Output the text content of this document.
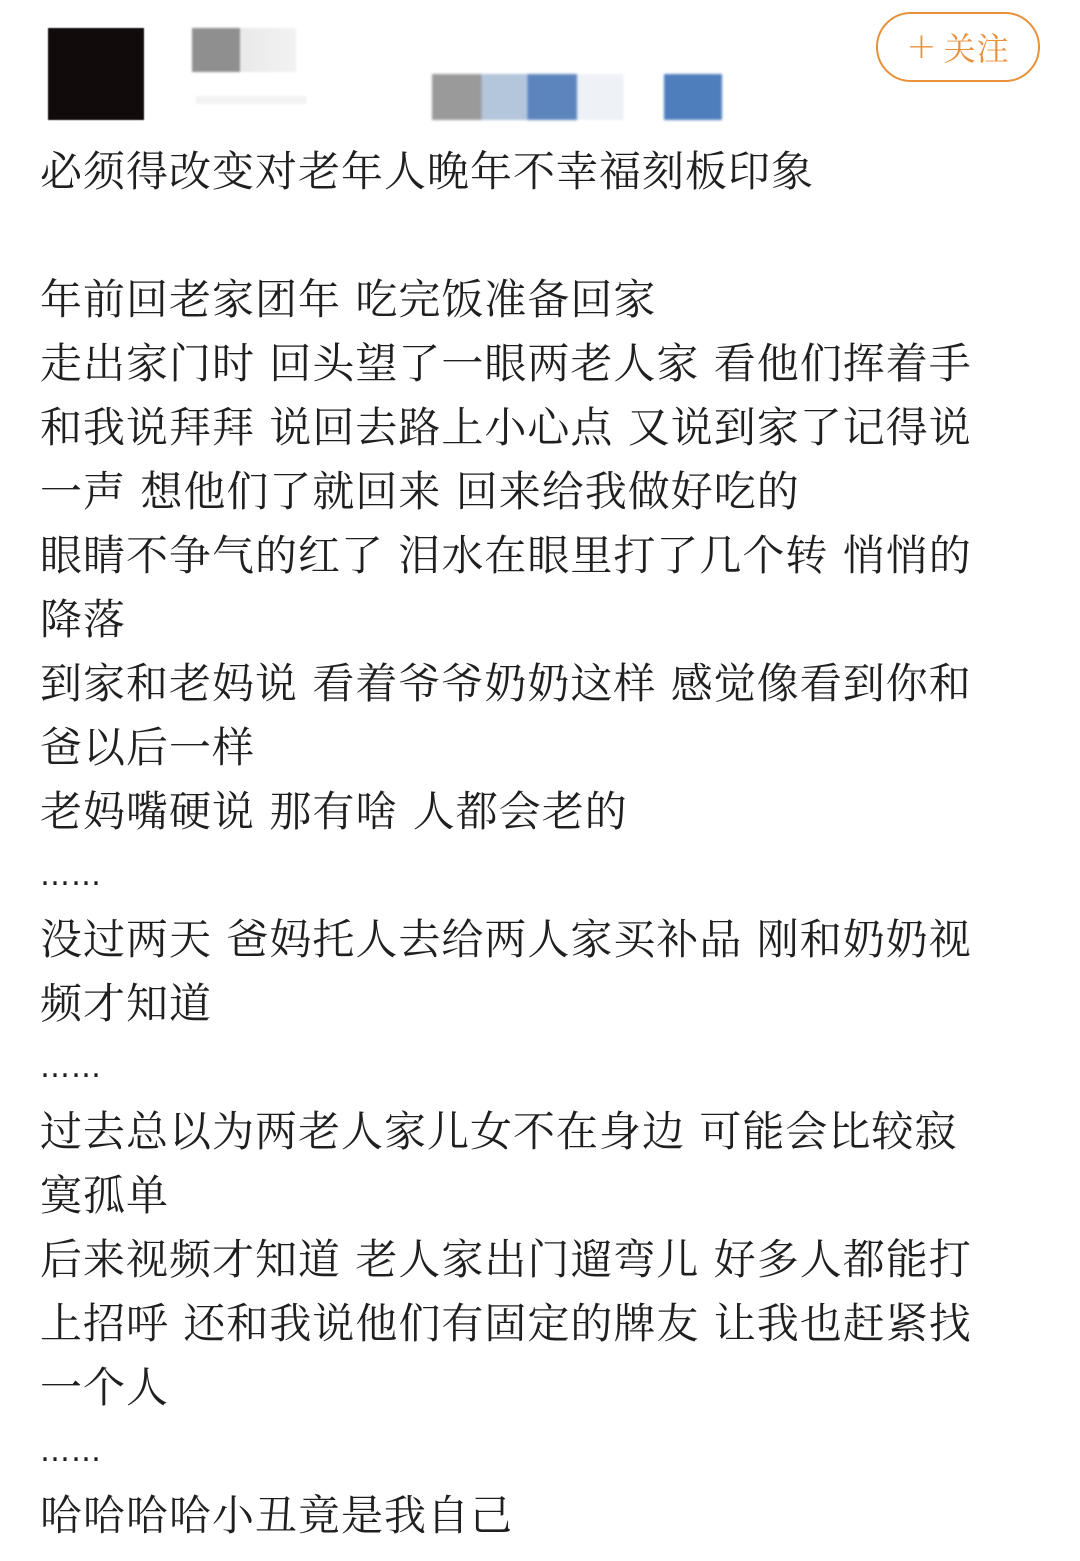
+ 关注
必须得改变对老年人晚年不幸福刻板印象
年前回老家团年 吃完饭准备回家
走出家门时 回头望了一眼两老人家 看他们挥着手
和我说拜拜 说回去路上小心点 又说到家了记得说
一声 想他们了就回来 回来给我做好吃的
眼睛不争气的红了 泪水在眼里打了几个转 悄悄的
降落
到家和老妈说 看着爷爷奶奶这样 感觉像看到你和
爸以后一样
老妈嘴硬说 那有啥 人都会老的
……
没过两天 爸妈托人去给两人家买补品 刚和奶奶视
频才知道
……
过去总以为两老人家儿女不在身边 可能会比较寂
寞孤单
后来视频才知道 老人家出门遛弯儿 好多人都能打
上招呼 还和我说他们有固定的牌友 让我也赶紧找
一个人
……
哈哈哈哈小丑竟是我自己
